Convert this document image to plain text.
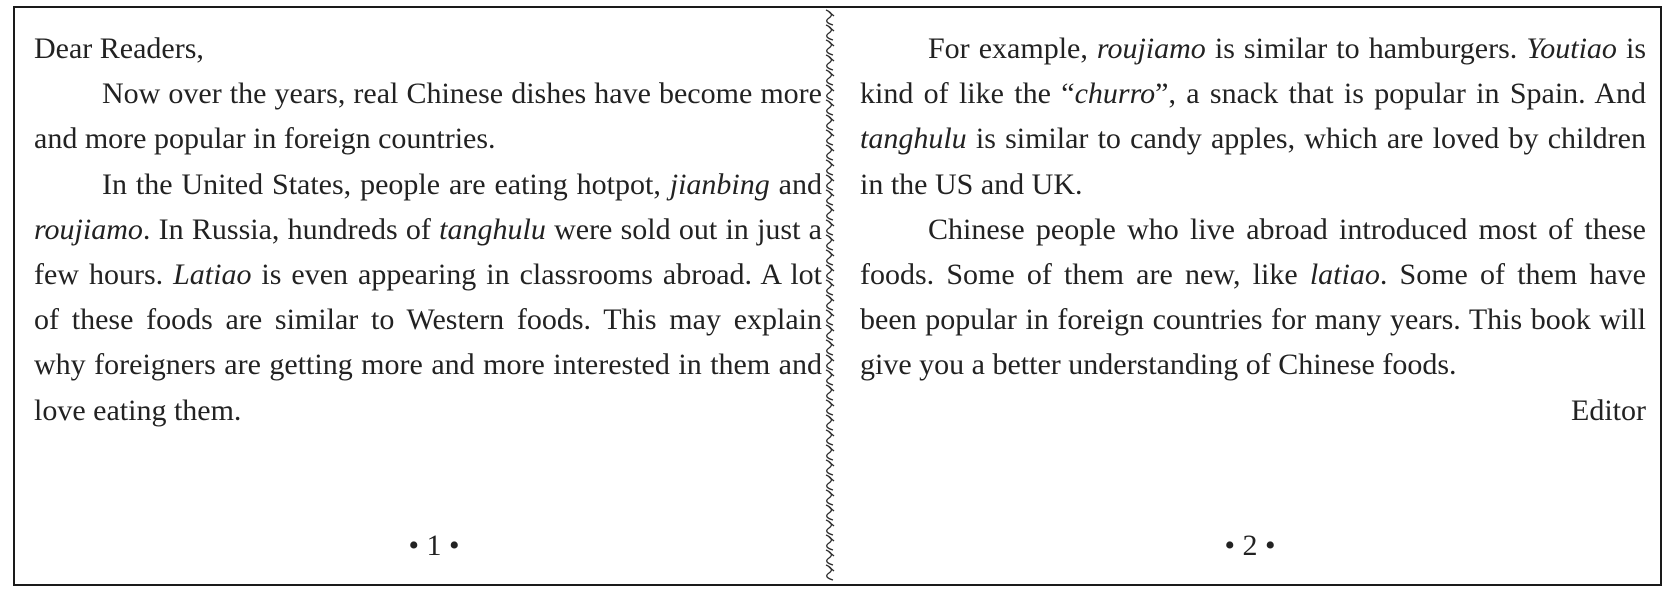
Dear Readers,

Now over the years, real Chinese dishes have become more and more popular in foreign countries.

In the United States, people are eating hotpot, jianbing and roujiamo. In Russia, hundreds of tanghulu were sold out in just a few hours. Latiao is even appearing in classrooms abroad. A lot of these foods are similar to Western foods. This may explain why foreigners are getting more and more interested in them and love eating them.

• 1 •

For example, roujiamo is similar to hamburgers. Youtiao is kind of like the “churro”, a snack that is popular in Spain. And tanghulu is similar to candy apples, which are loved by children in the US and UK.

Chinese people who live abroad introduced most of these foods. Some of them are new, like latiao. Some of them have been popular in foreign countries for many years. This book will give you a better understanding of Chinese foods.

Editor

• 2 •
